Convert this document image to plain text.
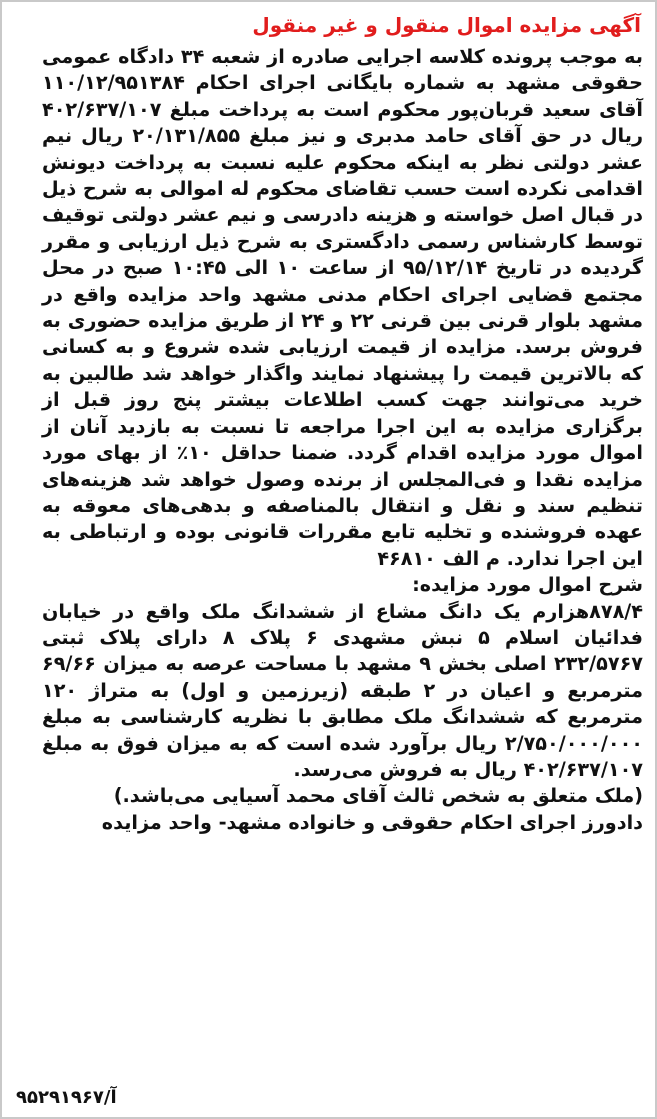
آگهی مزایده اموال منقول و غیر منقول

به موجب پرونده کلاسه اجرایی صادره از شعبه ۳۴ دادگاه عمومی حقوقی مشهد به شماره بایگانی اجرای احکام ۱۱۰/۱۲/۹۵۱۳۸۴ آقای سعید قربان‌پور محکوم است به پرداخت مبلغ ۴۰۲/۶۳۷/۱۰۷ ریال در حق آقای حامد مدبری و نیز مبلغ ۲۰/۱۳۱/۸۵۵ ریال نیم عشر دولتی نظر به اینکه محکوم علیه نسبت به پرداخت دیونش اقدامی نکرده است حسب تقاضای محکوم له اموالی به شرح ذیل در قبال اصل خواسته و هزینه دادرسی و نیم عشر دولتی توقیف توسط کارشناس رسمی دادگستری به شرح ذیل ارزیابی و مقرر گردیده در تاریخ ۹۵/۱۲/۱۴ از ساعت ۱۰ الی ۱۰:۴۵ صبح در محل مجتمع قضایی اجرای احکام مدنی مشهد واحد مزایده واقع در مشهد بلوار قرنی بین قرنی ۲۲ و ۲۴ از طریق مزایده حضوری به فروش برسد. مزایده از قیمت ارزیابی شده شروع و به کسانی که بالاترین قیمت را پیشنهاد نمایند واگذار خواهد شد طالبین به خرید می‌توانند جهت کسب اطلاعات بیشتر پنج روز قبل از برگزاری مزایده به این اجرا مراجعه تا نسبت به بازدید آنان از اموال مورد مزایده اقدام گردد. ضمنا حداقل ۱۰٪ از بهای مورد مزایده نقدا و فی‌المجلس از برنده وصول خواهد شد هزینه‌های تنظیم سند و نقل و انتقال بالمناصفه و بدهی‌های معوقه به عهده فروشنده و تخلیه تابع مقررات قانونی بوده و ارتباطی به این اجرا ندارد. م الف ۴۶۸۱۰

شرح اموال مورد مزایده:

۸۷۸/۴هزارم یک دانگ مشاع از ششدانگ ملک واقع در خیابان فدائیان اسلام ۵ نبش مشهدی ۶ پلاک ۸ دارای پلاک ثبتی ۲۳۲/۵۷۶۷ اصلی بخش ۹ مشهد با مساحت عرصه به میزان ۶۹/۶۶ مترمربع و اعیان در ۲ طبقه (زیرزمین و اول) به متراژ ۱۲۰ مترمربع که ششدانگ ملک مطابق با نظریه کارشناسی به مبلغ ۲/۷۵۰/۰۰۰/۰۰۰ ریال برآورد شده است که به میزان فوق به مبلغ ۴۰۲/۶۳۷/۱۰۷ ریال به فروش می‌رسد.

(ملک متعلق به شخص ثالث آقای محمد آسیایی می‌باشد.)

دادورز اجرای احکام حقوقی و خانواده مشهد- واحد مزایده

آ/۹۵۲۹۱۹۶۷
